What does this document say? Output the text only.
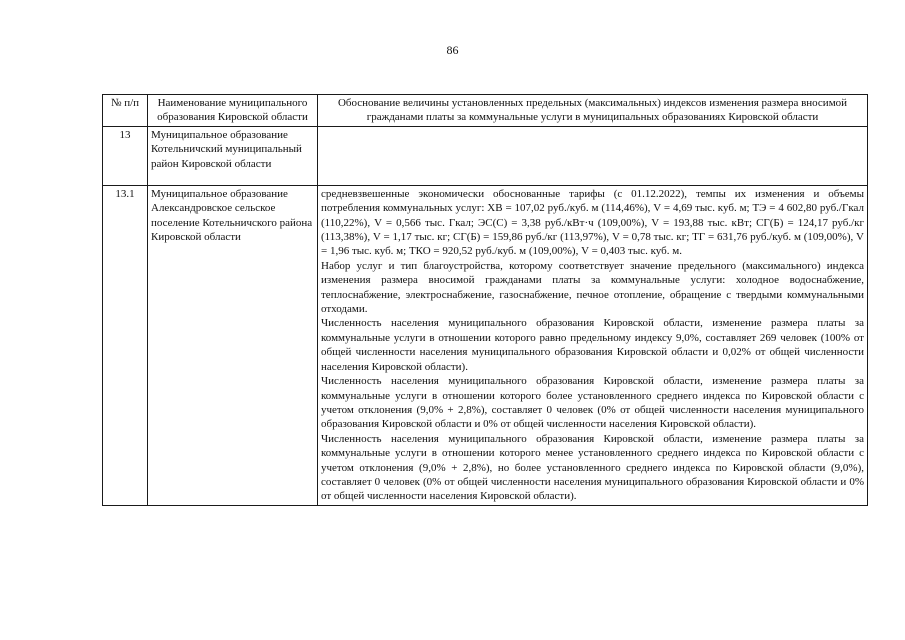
86
№ п/п	Наименование муниципального образования Кировской области	Обоснование величины установленных предельных (максимальных) индексов изменения размера вносимой гражданами платы за коммунальные услуги в муниципальных образованиях Кировской области
13	Муниципальное образование Котельничский муниципальный район Кировской области	
13.1	Муниципальное образование Александровское сельское поселение Котельничского района Кировской области	средневзвешенные экономически обоснованные тарифы (с 01.12.2022), темпы их изменения и объемы потребления коммунальных услуг: ХВ = 107,02 руб./куб. м (114,46%), V = 4,69 тыс. куб. м; ТЭ = 4 602,80 руб./Гкал (110,22%), V = 0,566 тыс. Гкал; ЭС(С) = 3,38 руб./кВт·ч (109,00%), V = 193,88 тыс. кВт; СГ(Б) = 124,17 руб./кг (113,38%), V = 1,17 тыс. кг; СГ(Б) = 159,86 руб./кг (113,97%), V = 0,78 тыс. кг; ТГ = 631,76 руб./куб. м (109,00%), V = 1,96 тыс. куб. м; ТКО = 920,52 руб./куб. м (109,00%), V = 0,403 тыс. куб. м.

Набор услуг и тип благоустройства, которому соответствует значение предельного (максимального) индекса изменения размера вносимой гражданами платы за коммунальные услуги: холодное водоснабжение, теплоснабжение, электроснабжение, газоснабжение, печное отопление, обращение с твердыми коммунальными отходами.

Численность населения муниципального образования Кировской области, изменение размера платы за коммунальные услуги в отношении которого равно предельному индексу 9,0%, составляет 269 человек (100% от общей численности населения муниципального образования Кировской области и 0,02% от общей численности населения Кировской области).

Численность населения муниципального образования Кировской области, изменение размера платы за коммунальные услуги в отношении которого более установленного среднего индекса по Кировской области с учетом отклонения (9,0% + 2,8%), составляет 0 человек (0% от общей численности населения муниципального образования Кировской области и 0% от общей численности населения Кировской области).

Численность населения муниципального образования Кировской области, изменение размера платы за коммунальные услуги в отношении которого менее установленного среднего индекса по Кировской области с учетом отклонения (9,0% + 2,8%), но более установленного среднего индекса по Кировской области (9,0%), составляет 0 человек (0% от общей численности населения муниципального образования Кировской области и 0% от общей численности населения Кировской области).
